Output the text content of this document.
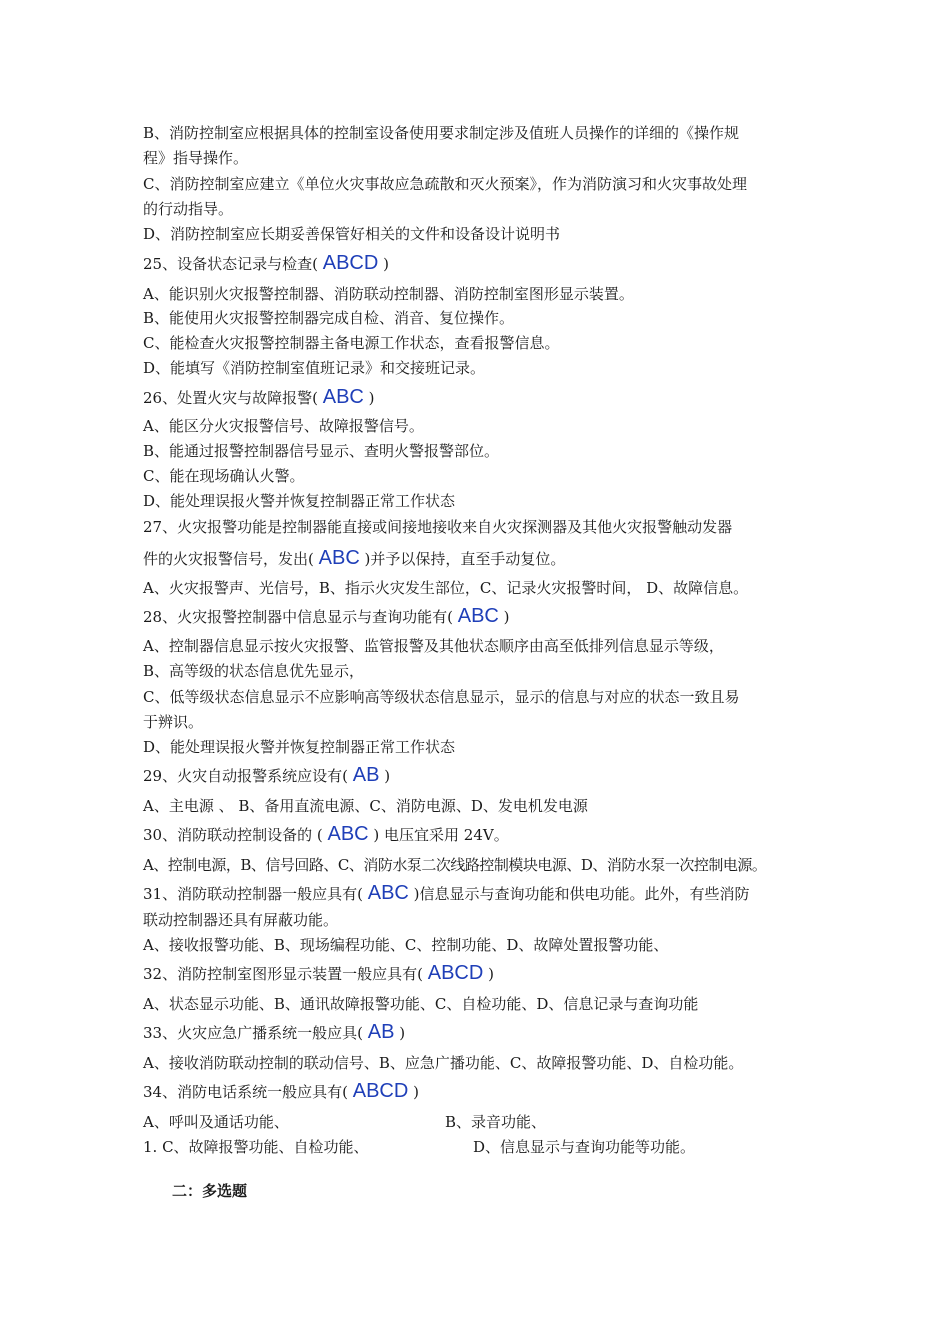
B、消防控制室应根据具体的控制室设备使用要求制定涉及值班人员操作的详细的《操作规
程》指导操作。
C、消防控制室应建立《单位火灾事故应急疏散和灭火预案》，作为消防演习和火灾事故处理
的行动指导。
D、消防控制室应长期妥善保管好相关的文件和设备设计说明书
25、设备状态记录与检查( ABCD )
A、能识别火灾报警控制器、消防联动控制器、消防控制室图形显示装置。
B、能使用火灾报警控制器完成自检、消音、复位操作。
C、能检查火灾报警控制器主备电源工作状态，查看报警信息。
D、能填写《消防控制室值班记录》和交接班记录。
26、处置火灾与故障报警( ABC )
A、能区分火灾报警信号、故障报警信号。
B、能通过报警控制器信号显示、查明火警报警部位。
C、能在现场确认火警。
D、能处理误报火警并恢复控制器正常工作状态
27、火灾报警功能是控制器能直接或间接地接收来自火灾探测器及其他火灾报警触动发器
件的火灾报警信号，发出( ABC )并予以保持，直至手动复位。
A、火灾报警声、光信号，B、指示火灾发生部位，C、记录火灾报警时间， D、故障信息。
28、火灾报警控制器中信息显示与查询功能有( ABC )
A、控制器信息显示按火灾报警、监管报警及其他状态顺序由高至低排列信息显示等级，
B、高等级的状态信息优先显示，
C、低等级状态信息显示不应影响高等级状态信息显示，显示的信息与对应的状态一致且易
于辨识。
D、能处理误报火警并恢复控制器正常工作状态
29、火灾自动报警系统应设有( AB )
A、主电源 、 B、备用直流电源、C、消防电源、D、发电机发电源
30、消防联动控制设备的 ( ABC ) 电压宜采用 24V。
A、控制电源，B、信号回路、C、消防水泵二次线路控制模块电源、D、消防水泵一次控制电源。
31、消防联动控制器一般应具有( ABC )信息显示与查询功能和供电功能。此外，有些消防
联动控制器还具有屏蔽功能。
A、接收报警功能、B、现场编程功能、C、控制功能、D、故障处置报警功能、
32、消防控制室图形显示装置一般应具有( ABCD )
A、状态显示功能、B、通讯故障报警功能、C、自检功能、D、信息记录与查询功能
33、火灾应急广播系统一般应具( AB )
A、接收消防联动控制的联动信号、B、应急广播功能、C、故障报警功能、D、自检功能。
34、消防电话系统一般应具有( ABCD )
A、呼叫及通话功能、	B、录音功能、
1. C、故障报警功能、自检功能、	D、信息显示与查询功能等功能。
二：多选题
